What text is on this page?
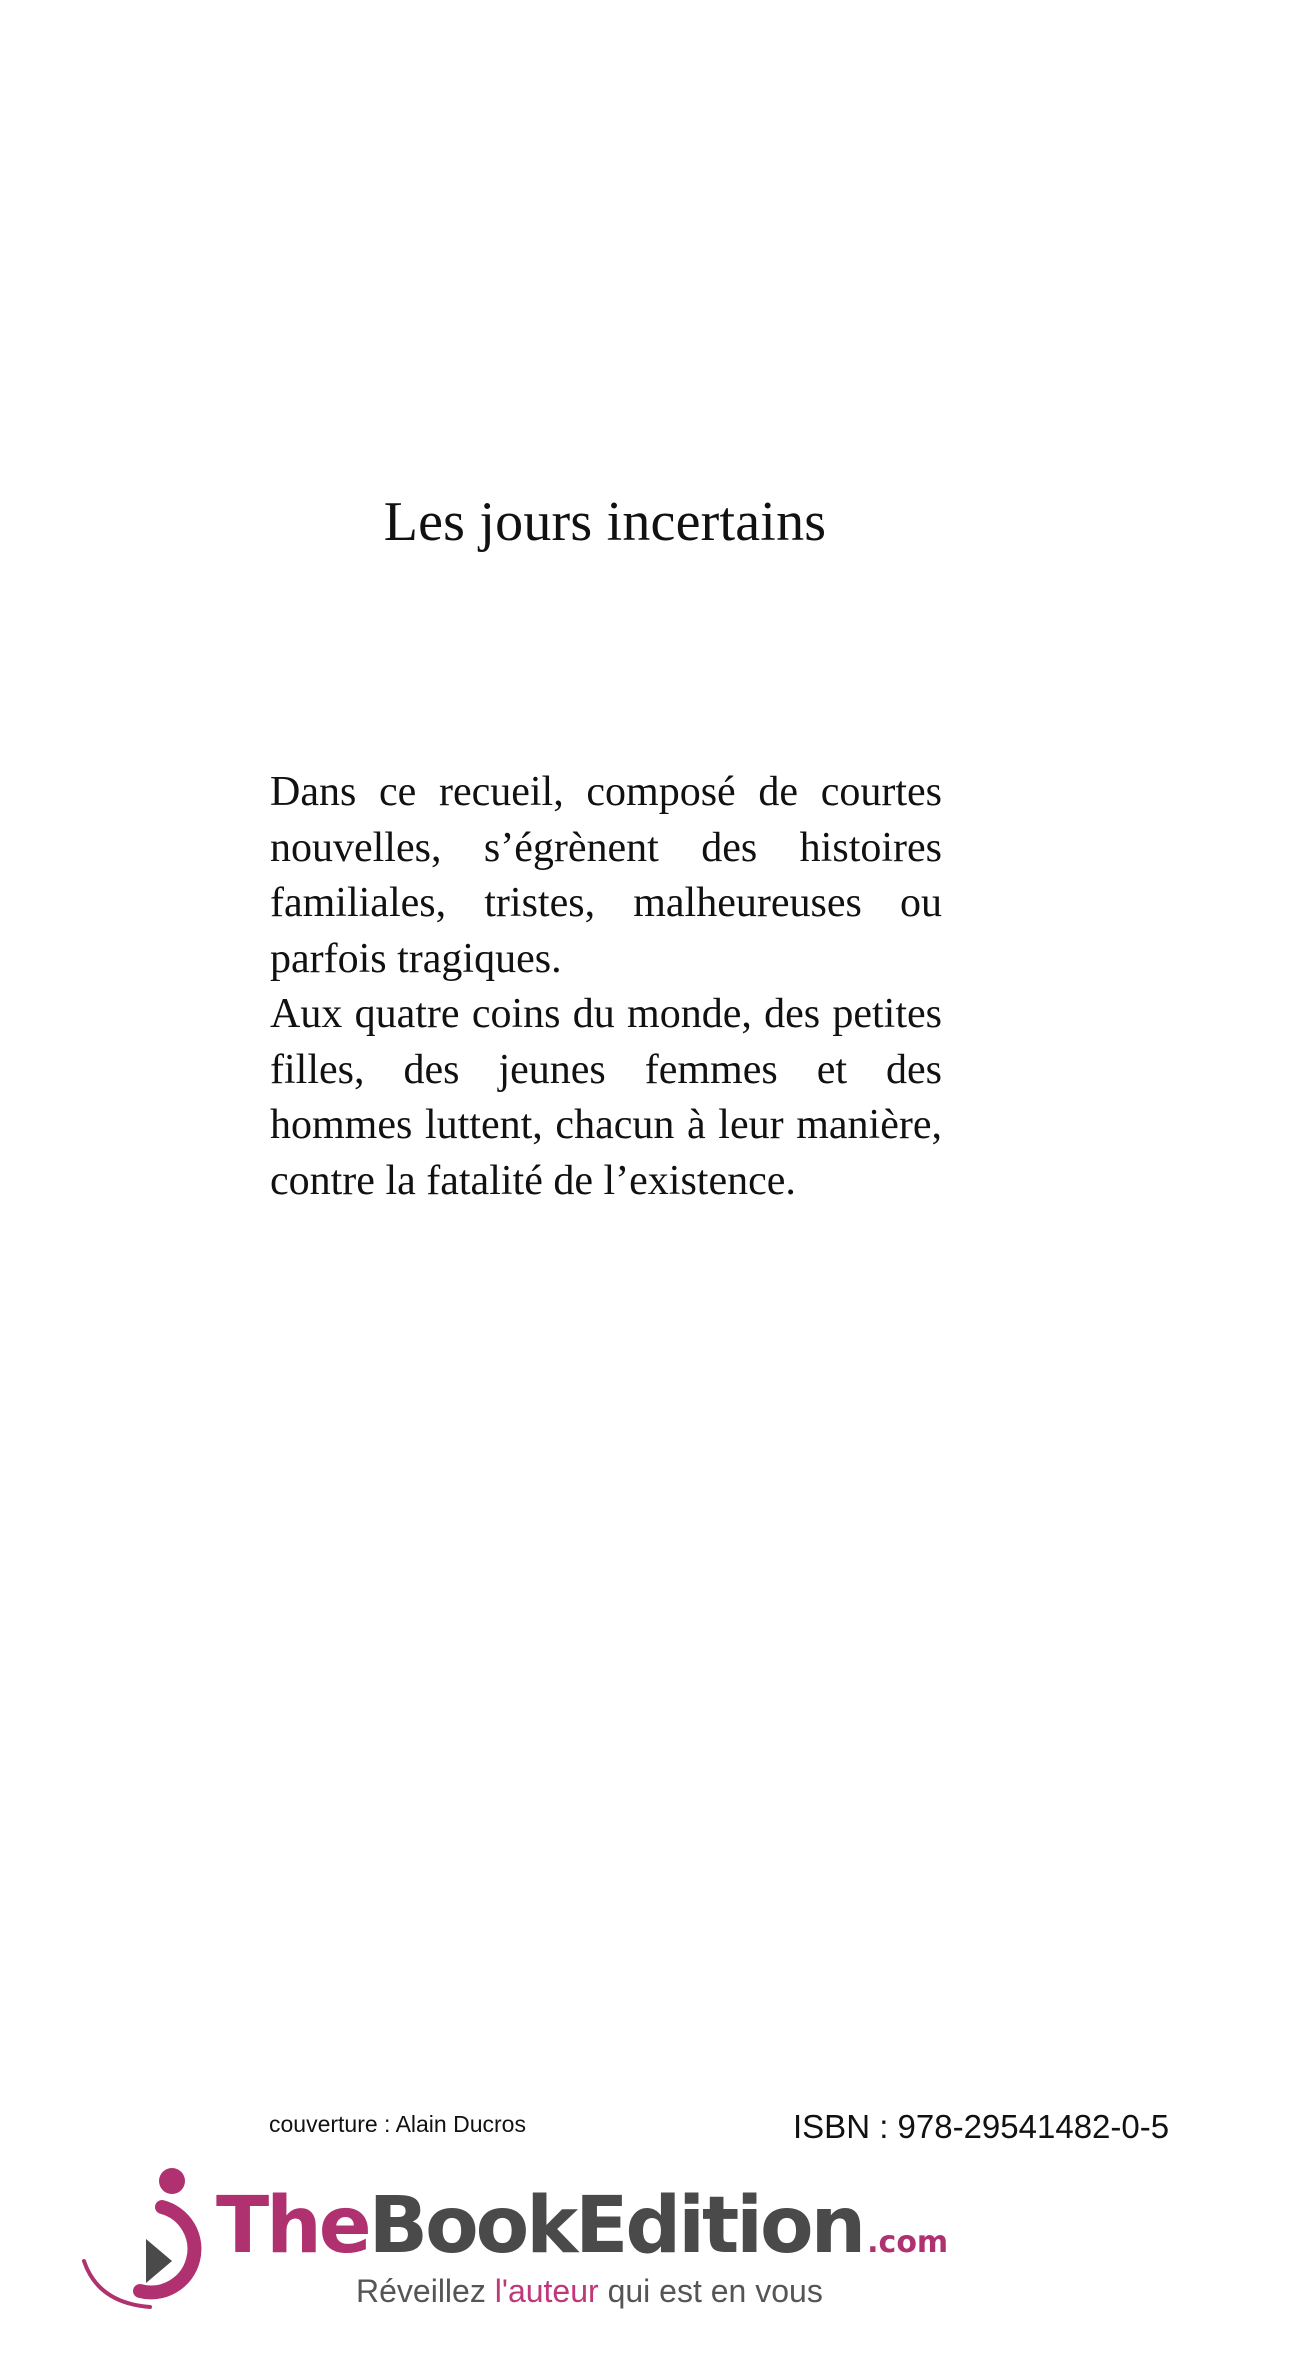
Les jours incertains

Dans ce recueil, composé de courtes nouvelles, s’égrènent des histoires familiales, tristes, malheureuses ou parfois tragiques.

Aux quatre coins du monde, des petites filles, des jeunes femmes et des hommes luttent, chacun à leur manière, contre la fatalité de l’existence.

couverture : Alain Ducros	ISBN : 978-29541482-0-5
TheBookEdition .com
Réveillez l'auteur qui est en vous
